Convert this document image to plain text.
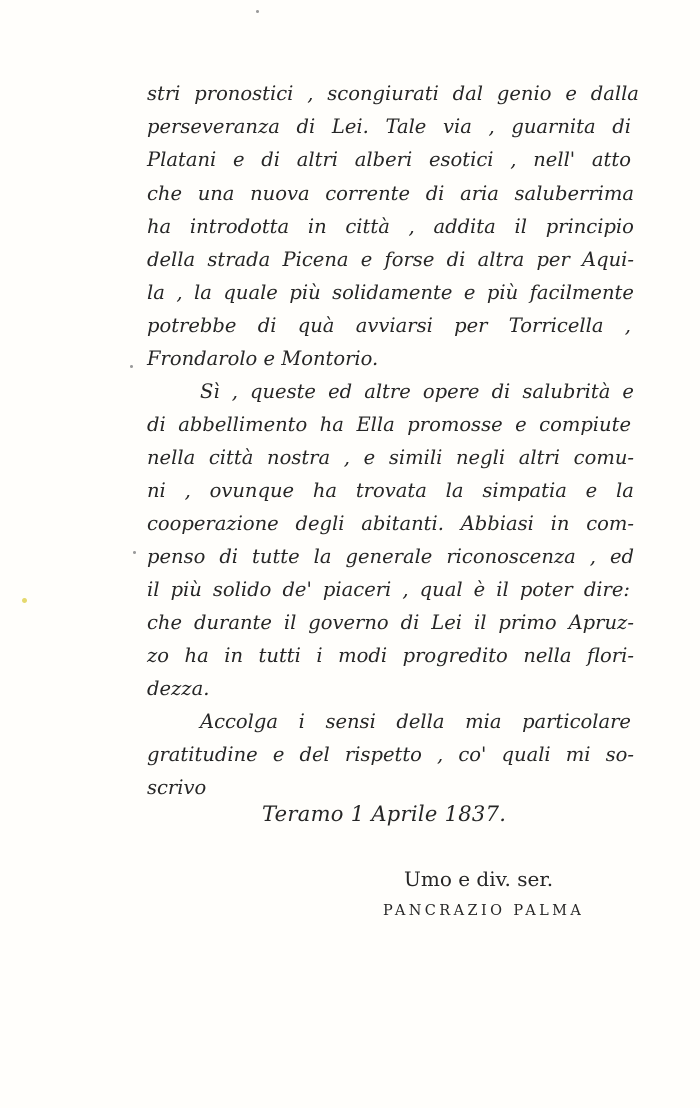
stri pronostici , scongiurati dal genio e dalla
perseveranza di Lei. Tale via , guarnita di
Platani e di altri alberi esotici , nell' atto
che una nuova corrente di aria saluberrima
ha introdotta in città , addita il principio
della strada Picena e forse di altra per Aqui-
la , la quale più solidamente e più facilmente
potrebbe di quà avviarsi per Torricella ,
Frondarolo e Montorio.
Sì , queste ed altre opere di salubrità e
di abbellimento ha Ella promosse e compiute
nella città nostra , e simili negli altri comu-
ni , ovunque ha trovata la simpatia e la
cooperazione degli abitanti. Abbiasi in com-
penso di tutte la generale riconoscenza , ed
il più solido de' piaceri , qual è il poter dire:
che durante il governo di Lei il primo Apruz-
zo ha in tutti i modi progredito nella flori-
dezza.
Accolga i sensi della mia particolare
gratitudine e del rispetto , co' quali mi so-
scrivo
Teramo 1 Aprile 1837.
Umo e div. ser.
PANCRAZIO PALMA
